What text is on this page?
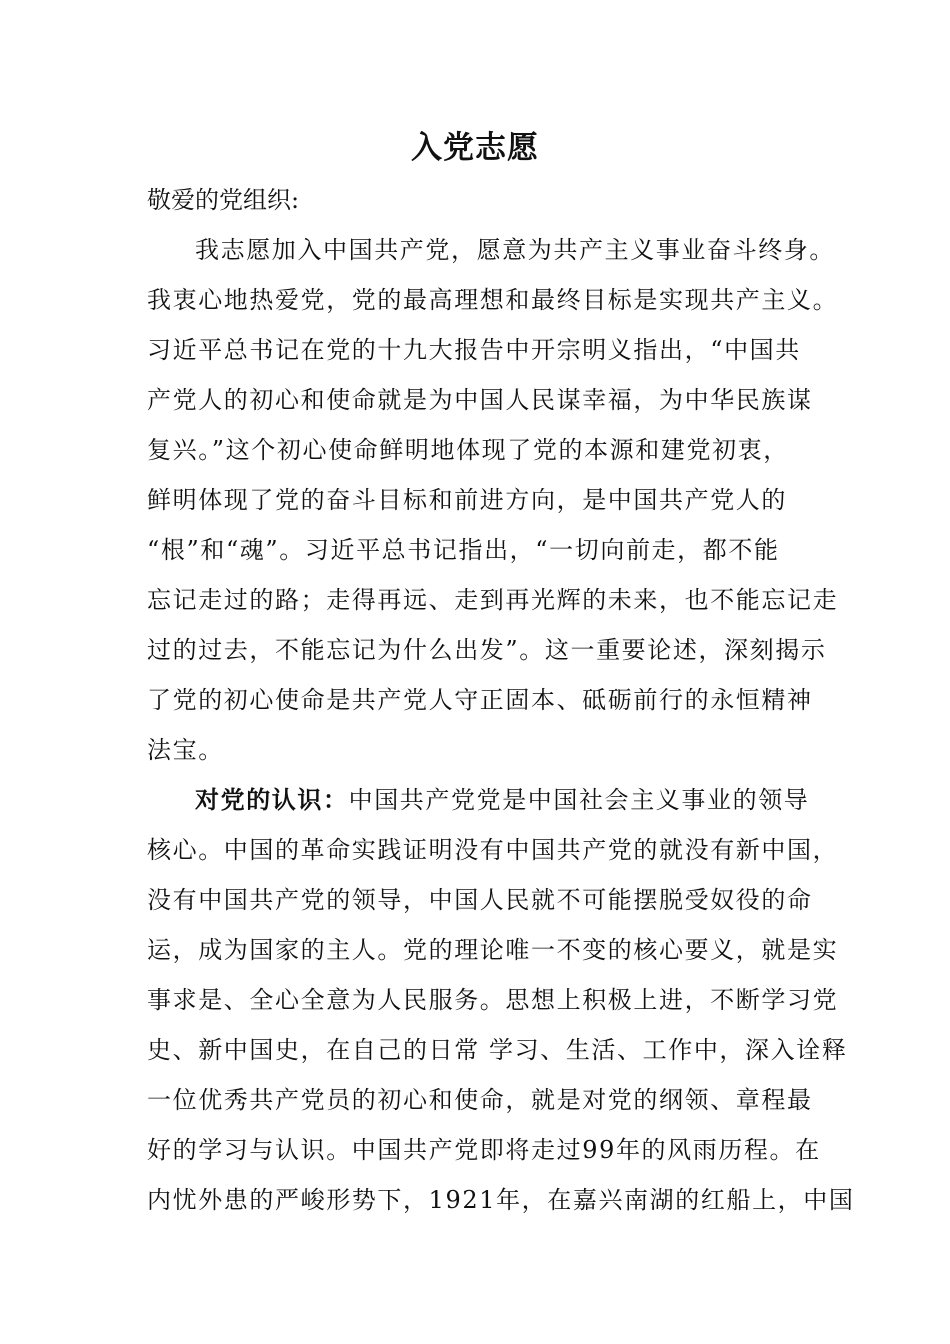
入党志愿

敬爱的党组织:

我志愿加入中国共产党，愿意为共产主义事业奋斗终身。

我衷心地热爱党，党的最高理想和最终目标是实现共产主义。

习近平总书记在党的十九大报告中开宗明义指出，“中国共

产党人的初心和使命就是为中国人民谋幸福，为中华民族谋

复兴。”这个初心使命鲜明地体现了党的本源和建党初衷，

鲜明体现了党的奋斗目标和前进方向，是中国共产党人的

“根”和“魂”。习近平总书记指出，“一切向前走，都不能

忘记走过的路；走得再远、走到再光辉的未来，也不能忘记走

过的过去，不能忘记为什么出发”。这一重要论述，深刻揭示

了党的初心使命是共产党人守正固本、砥砺前行的永恒精神

法宝。

对党的认识：中国共产党党是中国社会主义事业的领导

核心。中国的革命实践证明没有中国共产党的就没有新中国，

没有中国共产党的领导，中国人民就不可能摆脱受奴役的命

运，成为国家的主人。党的理论唯一不变的核心要义，就是实

事求是、全心全意为人民服务。思想上积极上进，不断学习党

史、新中国史，在自己的日常 学习、生活、工作中，深入诠释

一位优秀共产党员的初心和使命，就是对党的纲领、章程最

好的学习与认识。中国共产党即将走过99年的风雨历程。在

内忧外患的严峻形势下，1921年，在嘉兴南湖的红船上，中国
